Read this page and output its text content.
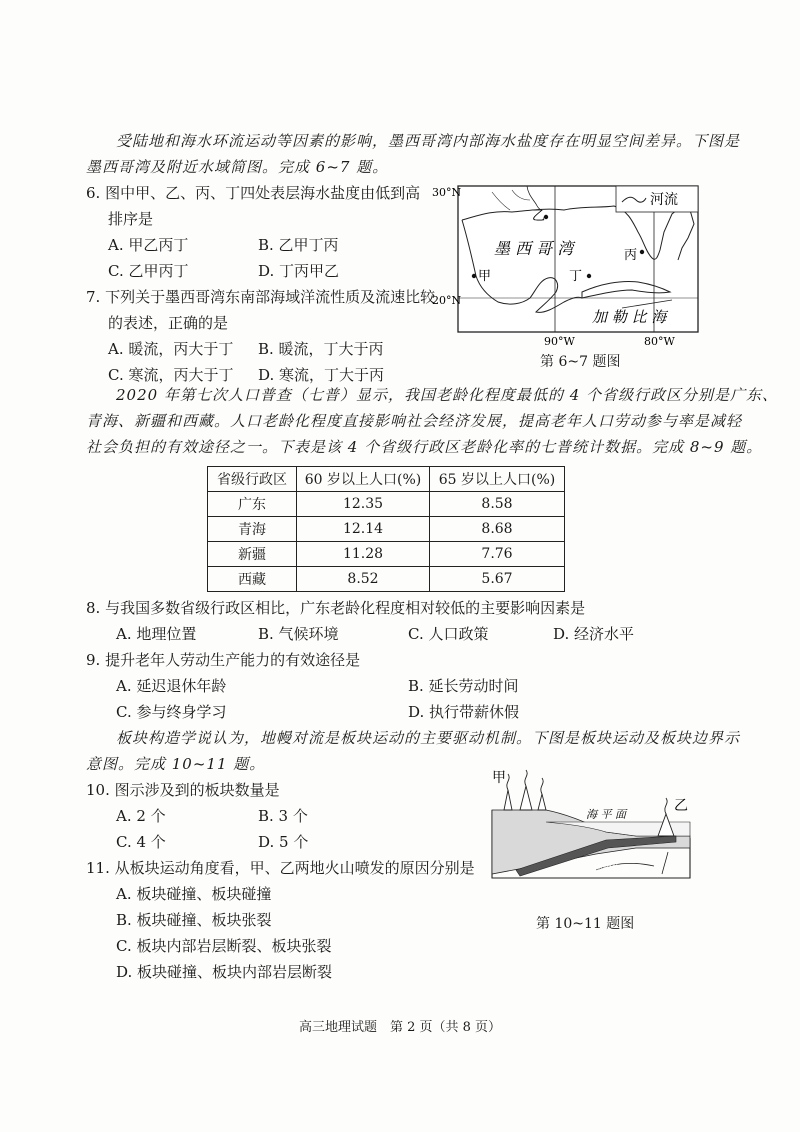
受陆地和海水环流运动等因素的影响，墨西哥湾内部海水盐度存在明显空间差异。下图是
墨西哥湾及附近水域简图。完成 6~7 题。
6. 图中甲、乙、丙、丁四处表层海水盐度由低到高
排序是
A. 甲乙丙丁	B. 乙甲丁丙
C. 乙甲丙丁	D. 丁丙甲乙
7. 下列关于墨西哥湾东南部海域洋流性质及流速比较
的表述，正确的是
A. 暖流，丙大于丁 B. 暖流，丁大于丙
C. 寒流，丙大于丁 D. 寒流，丁大于丙
河流
30°N
20°N
90°W	80°W
墨 西 哥 湾
加 勒 比 海
乙
甲
丙
丁
第 6~7 题图
2020 年第七次人口普查（七普）显示，我国老龄化程度最低的 4 个省级行政区分别是广东、
青海、新疆和西藏。人口老龄化程度直接影响社会经济发展，提高老年人口劳动参与率是减轻
社会负担的有效途径之一。下表是该 4 个省级行政区老龄化率的七普统计数据。完成 8~9 题。
省级行政区	60 岁以上人口(%)	65 岁以上人口(%)
广东	12.35	8.58
青海	12.14	8.68
新疆	11.28	7.76
西藏	8.52	5.67
8. 与我国多数省级行政区相比，广东老龄化程度相对较低的主要影响因素是
A. 地理位置	B. 气候环境	C. 人口政策	D. 经济水平
9. 提升老年人劳动生产能力的有效途径是
A. 延迟退休年龄	B. 延长劳动时间
C. 参与终身学习	D. 执行带薪休假
板块构造学说认为，地幔对流是板块运动的主要驱动机制。下图是板块运动及板块边界示
意图。完成 10~11 题。
10. 图示涉及到的板块数量是
A. 2 个	B. 3 个
C. 4 个	D. 5 个
11. 从板块运动角度看，甲、乙两地火山喷发的原因分别是
A. 板块碰撞、板块碰撞
B. 板块碰撞、板块张裂
C. 板块内部岩层断裂、板块张裂
D. 板块碰撞、板块内部岩层断裂
甲
乙
海 平 面
地幔物质
第 10~11 题图
高三地理试题　第 2 页（共 8 页）
